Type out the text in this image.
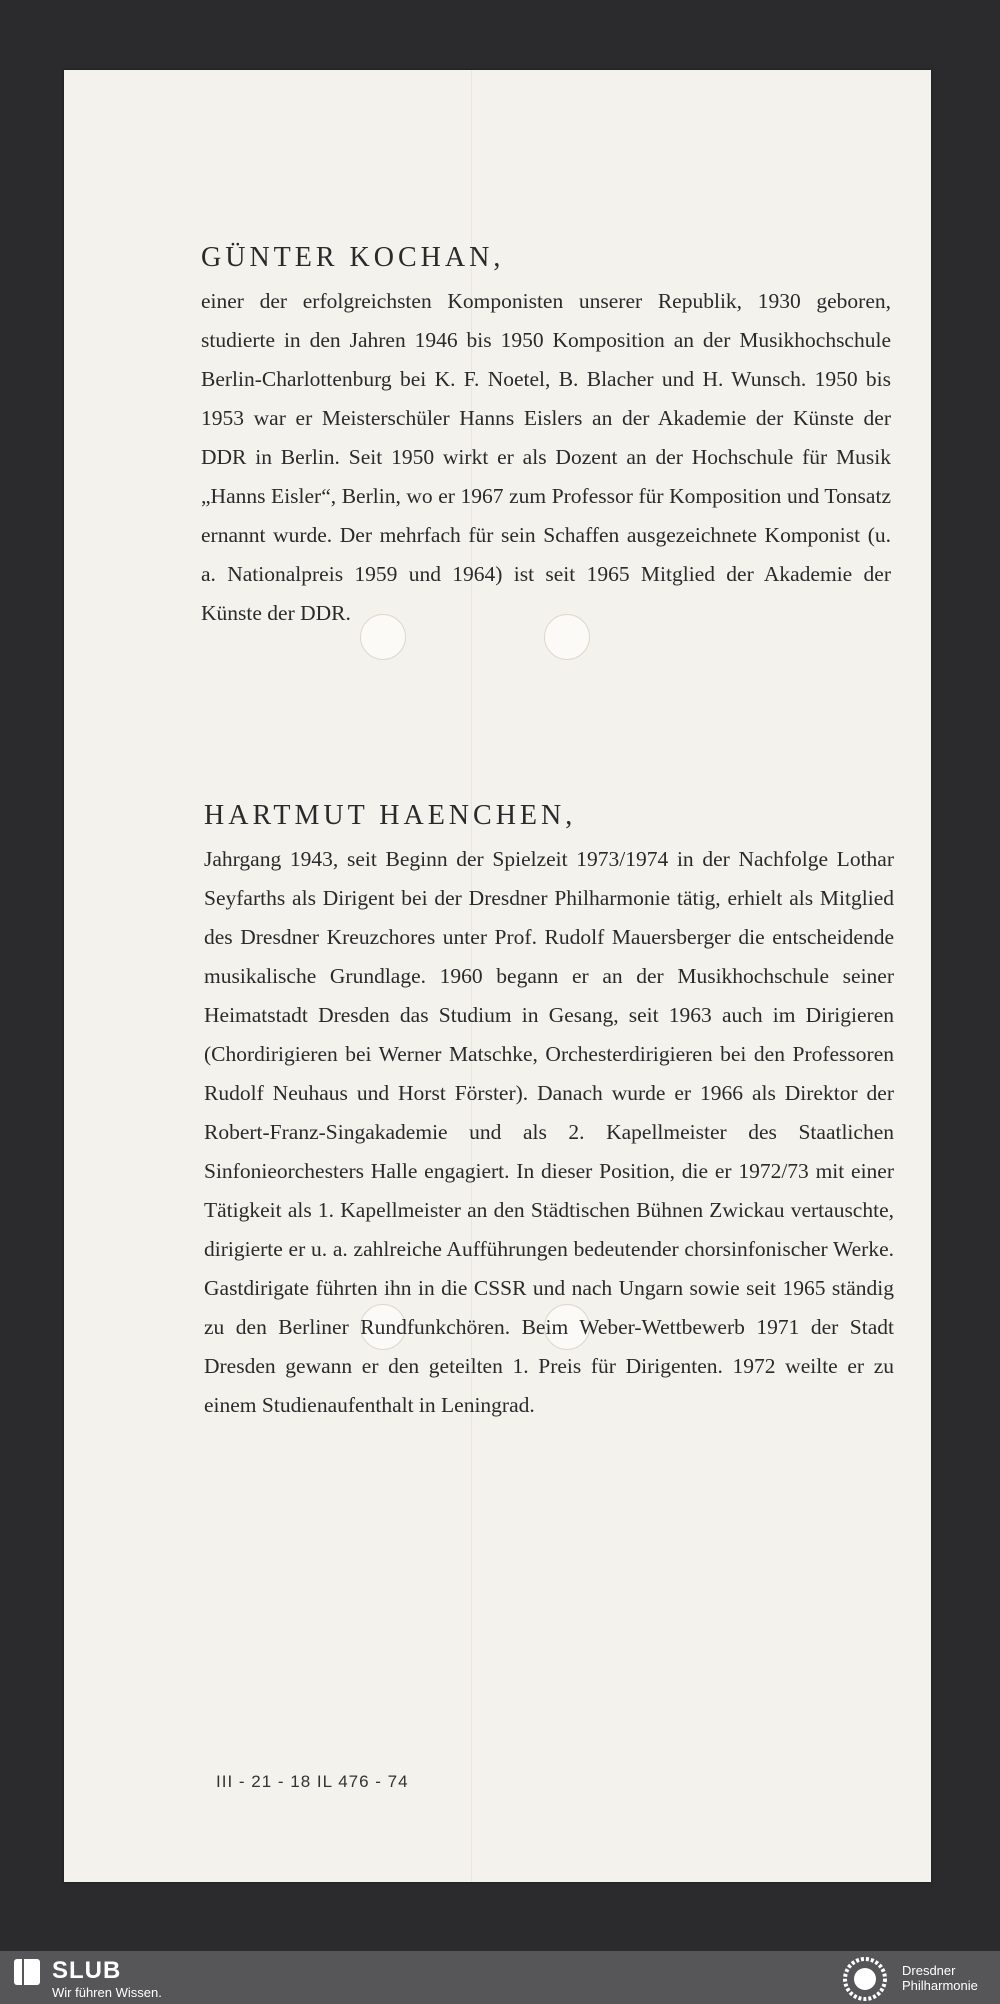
GÜNTER KOCHAN,

einer der erfolgreichsten Komponisten unserer Republik, 1930 geboren, studierte in den Jahren 1946 bis 1950 Komposition an der Musikhochschule Berlin-Charlottenburg bei K. F. Noetel, B. Blacher und H. Wunsch. 1950 bis 1953 war er Meisterschüler Hanns Eislers an der Akademie der Künste der DDR in Berlin. Seit 1950 wirkt er als Dozent an der Hochschule für Musik „Hanns Eisler“, Berlin, wo er 1967 zum Professor für Komposition und Tonsatz ernannt wurde. Der mehrfach für sein Schaffen ausgezeichnete Komponist (u. a. Nationalpreis 1959 und 1964) ist seit 1965 Mitglied der Akademie der Künste der DDR.

HARTMUT HAENCHEN,

Jahrgang 1943, seit Beginn der Spielzeit 1973/1974 in der Nachfolge Lothar Seyfarths als Dirigent bei der Dresdner Philharmonie tätig, erhielt als Mitglied des Dresdner Kreuzchores unter Prof. Rudolf Mauersberger die entscheidende musikalische Grundlage. 1960 begann er an der Musikhochschule seiner Heimatstadt Dresden das Studium in Gesang, seit 1963 auch im Dirigieren (Chordirigieren bei Werner Matschke, Orchesterdirigieren bei den Professoren Rudolf Neuhaus und Horst Förster). Danach wurde er 1966 als Direktor der Robert-Franz-Singakademie und als 2. Kapellmeister des Staatlichen Sinfonieorchesters Halle engagiert. In dieser Position, die er 1972/73 mit einer Tätigkeit als 1. Kapellmeister an den Städtischen Bühnen Zwickau vertauschte, dirigierte er u. a. zahlreiche Aufführungen bedeutender chorsinfonischer Werke. Gastdirigate führten ihn in die CSSR und nach Ungarn sowie seit 1965 ständig zu den Berliner Rundfunkchören. Beim Weber-Wettbewerb 1971 der Stadt Dresden gewann er den geteilten 1. Preis für Dirigenten. 1972 weilte er zu einem Studienaufenthalt in Leningrad.

III - 21 - 18 IL 476 - 74
SLUB
Wir führen Wissen.
Dresdner
Philharmonie
